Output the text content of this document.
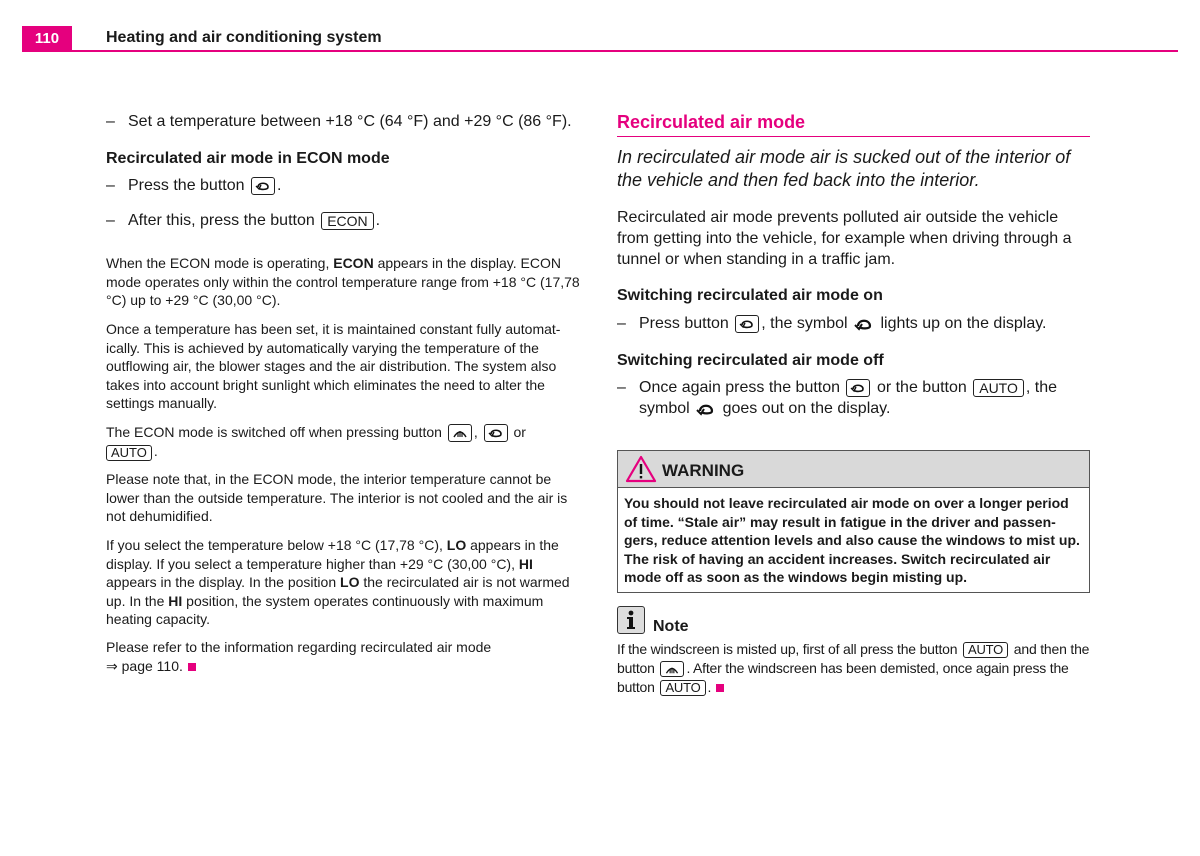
110	Heating and air conditioning system
– Set a temperature between +18 °C (64 °F) and +29 °C (86 °F).
Recirculated air mode in ECON mode
– Press the button .
– After this, press the button ECON .
When the ECON mode is operating, ECON appears in the display. ECON mode operates only within the control temperature range from +18 °C (17,78 °C) up to +29 °C (30,00 °C).
Once a temperature has been set, it is maintained constant fully automat-ically. This is achieved by automatically varying the temperature of the outflowing air, the blower stages and the air distribution. The system also takes into account bright sunlight which eliminates the need to alter the settings manually.
The ECON mode is switched off when pressing button ,	or
AUTO .
Please note that, in the ECON mode, the interior temperature cannot be lower than the outside temperature. The interior is not cooled and the air is not dehumidified.
If you select the temperature below +18 °C (17,78 °C), LO appears in the display. If you select a temperature higher than +29 °C (30,00 °C), HI appears in the display. In the position LO the recirculated air is not warmed up. In the HI position, the system operates continuously with maximum heating capacity.
Please refer to the information regarding recirculated air mode
⇒ page 110.
Recirculated air mode
In recirculated air mode air is sucked out of the interior of the vehicle and then fed back into the interior.
Recirculated air mode prevents polluted air outside the vehicle from getting into the vehicle, for example when driving through a tunnel or when standing in a traffic jam.
Switching recirculated air mode on
– Press button , the symbol lights up on the display.
Switching recirculated air mode off
– Once again press the button or the button AUTO , the symbol goes out on the display.
WARNING
You should not leave recirculated air mode on over a longer period of time. “Stale air” may result in fatigue in the driver and passen-gers, reduce attention levels and also cause the windows to mist up. The risk of having an accident increases. Switch recirculated air mode off as soon as the windows begin misting up.
Note
If the windscreen is misted up, first of all press the button AUTO and then the button . After the windscreen has been demisted, once again press the button AUTO .
